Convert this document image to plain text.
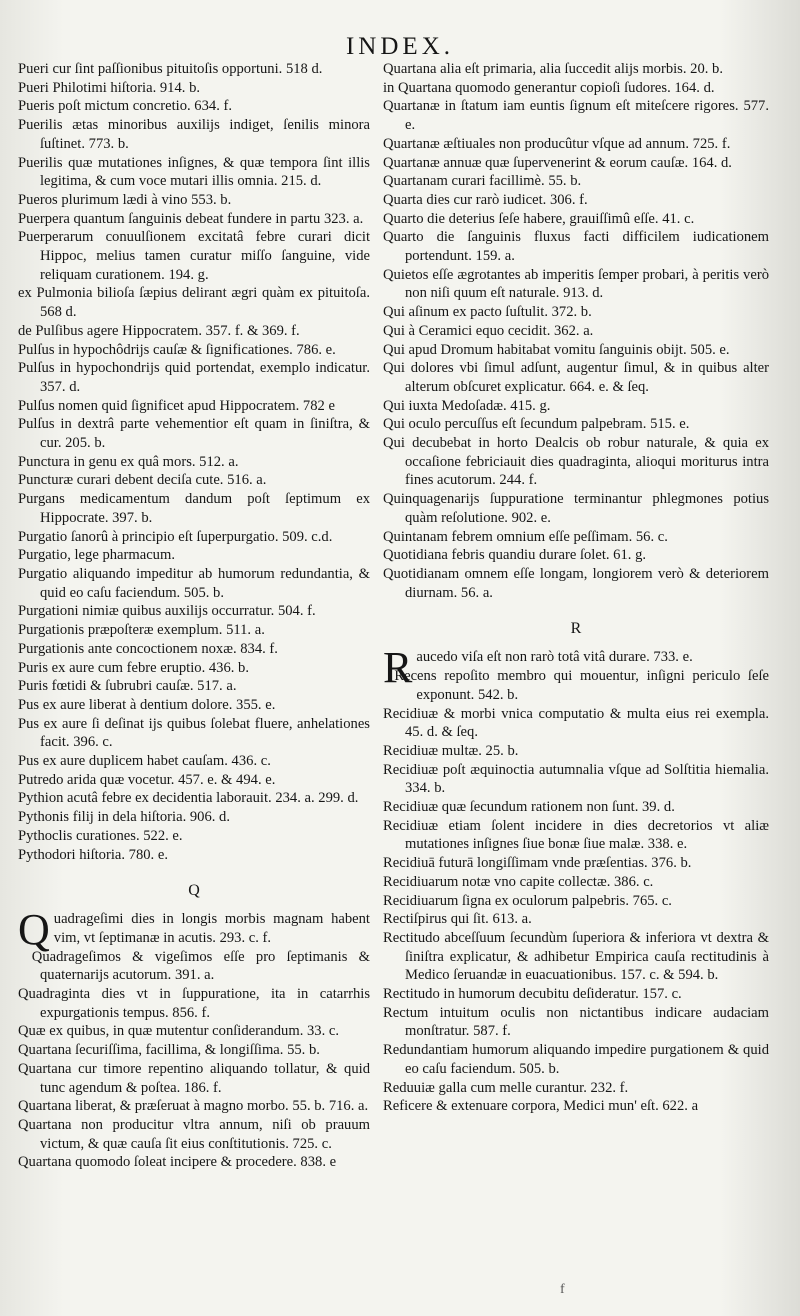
INDEX.

Pueri cur ſint paſſionibus pituitoſis opportuni. 518 d.

Pueri Philotimi hiſtoria. 914. b.

Pueris poſt mictum concretio. 634. f.

Puerilis ætas minoribus auxilijs indiget, ſenilis minora ſuſtinet. 773. b.

Puerilis quæ mutationes inſignes, & quæ tempora ſint illis legitima, & cum voce mutari illis omnia. 215. d.

Pueros plurimum lædi à vino 553. b.

Puerpera quantum ſanguinis debeat fundere in partu 323. a.

Puerperarum conuulſionem excitatâ febre curari dicit Hippoc, melius tamen curatur miſſo ſanguine, vide reliquam curationem. 194. g.

ex Pulmonia bilioſa ſæpius delirant ægri quàm ex pituitoſa. 568 d.

de Pulſibus agere Hippocratem. 357. f. & 369. f.

Pulſus in hypochôdrijs cauſæ & ſignificationes. 786. e.

Pulſus in hypochondrijs quid portendat, exemplo indicatur. 357. d.

Pulſus nomen quid ſignificet apud Hippocratem. 782 e

Pulſus in dextrâ parte vehementior eſt quam in ſiniſtra, & cur. 205. b.

Punctura in genu ex quâ mors. 512. a.

Puncturæ curari debent deciſa cute. 516. a.

Purgans medicamentum dandum poſt ſeptimum ex Hippocrate. 397. b.

Purgatio ſanorû à principio eſt ſuperpurgatio. 509. c.d.

Purgatio, lege pharmacum.

Purgatio aliquando impeditur ab humorum redundantia, & quid eo caſu faciendum. 505. b.

Purgationi nimiæ quibus auxilijs occurratur. 504. f.

Purgationis præpoſteræ exemplum. 511. a.

Purgationis ante concoctionem noxæ. 834. f.

Puris ex aure cum febre eruptio. 436. b.

Puris fœtidi & ſubrubri cauſæ. 517. a.

Pus ex aure liberat à dentium dolore. 355. e.

Pus ex aure ſi deſinat ijs quibus ſolebat fluere, anhelationes facit. 396. c.

Pus ex aure duplicem habet cauſam. 436. c.

Putredo arida quæ vocetur. 457. e. & 494. e.

Pythion acutâ febre ex decidentia laborauit. 234. a. 299. d.

Pythonis filij in dela hiſtoria. 906. d.

Pythoclis curationes. 522. e.

Pythodori hiſtoria. 780. e.

Q

Quadrageſimi dies in longis morbis magnam habent vim, vt ſeptimanæ in acutis. 293. c. f.

Quadrageſimos & vigeſimos eſſe pro ſeptimanis & quaternarijs acutorum. 391. a.

Quadraginta dies vt in ſuppuratione, ita in catarrhis expurgationis tempus. 856. f.

Quæ ex quibus, in quæ mutentur conſiderandum. 33. c.

Quartana ſecuriſſima, facillima, & longiſſima. 55. b.

Quartana cur timore repentino aliquando tollatur, & quid tunc agendum & poſtea. 186. f.

Quartana liberat, & præſeruat à magno morbo. 55. b. 716. a.

Quartana non producitur vltra annum, niſi ob prauum victum, & quæ cauſa ſit eius conſtitutionis. 725. c.

Quartana quomodo ſoleat incipere & procedere. 838. e

Quartana alia eſt primaria, alia ſuccedit alijs morbis. 20. b.

in Quartana quomodo generantur copioſi ſudores. 164. d.

Quartanæ in ſtatum iam euntis ſignum eſt miteſcere rigores. 577. e.

Quartanæ æſtiuales non producûtur vſque ad annum. 725. f.

Quartanæ annuæ quæ ſupervenerint & eorum cauſæ. 164. d.

Quartanam curari facillimè. 55. b.

Quarta dies cur rarò iudicet. 306. f.

Quarto die deterius ſeſe habere, grauiſſimû eſſe. 41. c.

Quarto die ſanguinis fluxus facti difficilem iudicationem portendunt. 159. a.

Quietos eſſe ægrotantes ab imperitis ſemper probari, à peritis verò non niſi quum eſt naturale. 913. d.

Qui aſinum ex pacto ſuſtulit. 372. b.

Qui à Ceramici equo cecidit. 362. a.

Qui apud Dromum habitabat vomitu ſanguinis obijt. 505. e.

Qui dolores vbi ſimul adſunt, augentur ſimul, & in quibus alter alterum obſcuret explicatur. 664. e. & ſeq.

Qui iuxta Medoſadæ. 415. g.

Qui oculo percuſſus eſt ſecundum palpebram. 515. e.

Qui decubebat in horto Dealcis ob robur naturale, & quia ex occaſione febriciauit dies quadraginta, alioqui moriturus intra fines acutorum. 244. f.

Quinquagenarijs ſuppuratione terminantur phlegmones potius quàm reſolutione. 902. e.

Quintanam febrem omnium eſſe peſſimam. 56. c.

Quotidiana febris quandiu durare ſolet. 61. g.

Quotidianam omnem eſſe longam, longiorem verò & deteriorem diurnam. 56. a.

R

Raucedo viſa eſt non rarò totâ vitâ durare. 733. e.

Recens repoſito membro qui mouentur, inſigni periculo ſeſe exponunt. 542. b.

Recidiuæ & morbi vnica computatio & multa eius rei exempla. 45. d. & ſeq.

Recidiuæ multæ. 25. b.

Recidiuæ poſt æquinoctia autumnalia vſque ad Solſtitia hiemalia. 334. b.

Recidiuæ quæ ſecundum rationem non ſunt. 39. d.

Recidiuæ etiam ſolent incidere in dies decretorios vt aliæ mutationes inſignes ſiue bonæ ſiue malæ. 338. e.

Recidiuā futurā longiſſimam vnde præſentias. 376. b.

Recidiuarum notæ vno capite collectæ. 386. c.

Recidiuarum ſigna ex oculorum palpebris. 765. c.

Rectiſpirus qui ſit. 613. a.

Rectitudo abceſſuum ſecundùm ſuperiora & inferiora vt dextra & ſiniſtra explicatur, & adhibetur Empirica cauſa rectitudinis à Medico ſeruandæ in euacuationibus. 157. c. & 594. b.

Rectitudo in humorum decubitu deſideratur. 157. c.

Rectum intuitum oculis non nictantibus indicare audaciam monſtratur. 587. f.

Redundantiam humorum aliquando impedire purgationem & quid eo caſu faciendum. 505. b.

Reduuiæ galla cum melle curantur. 232. f.

Reficere & extenuare corpora, Medici mun' eſt. 622. a

f
